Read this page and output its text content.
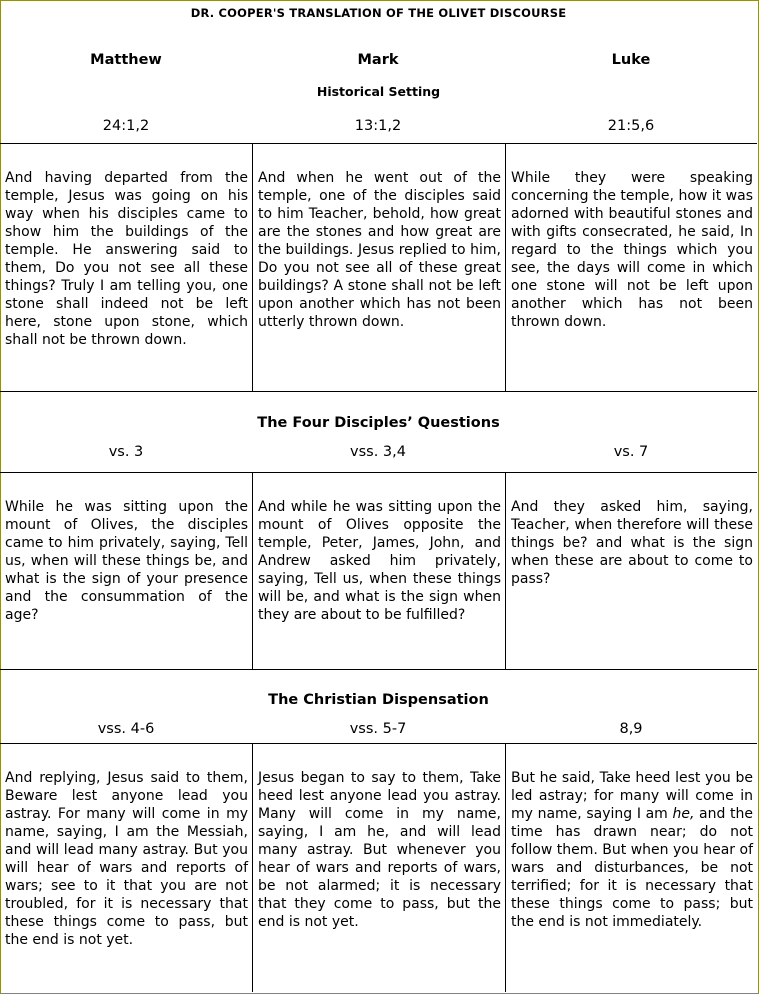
DR. COOPER'S TRANSLATION OF THE OLIVET DISCOURSE
Matthew	Mark	Luke
Historical Setting
24:1,2	13:1,2	21:5,6
And having departed from the temple, Jesus was going on his way when his disciples came to show him the buildings of the temple. He answering said to them, Do you not see all these things? Truly I am telling you, one stone shall indeed not be left here, stone upon stone, which shall not be thrown down.
And when he went out of the temple, one of the disciples said to him Teacher, behold, how great are the stones and how great are the buildings. Jesus replied to him, Do you not see all of these great buildings? A stone shall not be left upon another which has not been utterly thrown down.
While they were speaking concerning the temple, how it was adorned with beautiful stones and with gifts consecrated, he said, In regard to the things which you see, the days will come in which one stone will not be left upon another which has not been thrown down.
The Four Disciples’ Questions
vs. 3	vss. 3,4	vs. 7
While he was sitting upon the mount of Olives, the disciples came to him privately, saying, Tell us, when will these things be, and what is the sign of your presence and the consummation of the age?
And while he was sitting upon the mount of Olives opposite the temple, Peter, James, John, and Andrew asked him privately, saying, Tell us, when these things will be, and what is the sign when they are about to be fulfilled?
And they asked him, saying, Teacher, when therefore will these things be? and what is the sign when these are about to come to pass?
The Christian Dispensation
vss. 4-6	vss. 5-7	8,9
And replying, Jesus said to them, Beware lest anyone lead you astray. For many will come in my name, saying, I am the Messiah, and will lead many astray. But you will hear of wars and reports of wars; see to it that you are not troubled, for it is necessary that these things come to pass, but the end is not yet.
Jesus began to say to them, Take heed lest anyone lead you astray. Many will come in my name, saying, I am he, and will lead many astray. But whenever you hear of wars and reports of wars, be not alarmed; it is necessary that they come to pass, but the end is not yet.
But he said, Take heed lest you be led astray; for many will come in my name, saying I am he, and the time has drawn near; do not follow them. But when you hear of wars and disturbances, be not terrified; for it is necessary that these things come to pass; but the end is not immediately.
